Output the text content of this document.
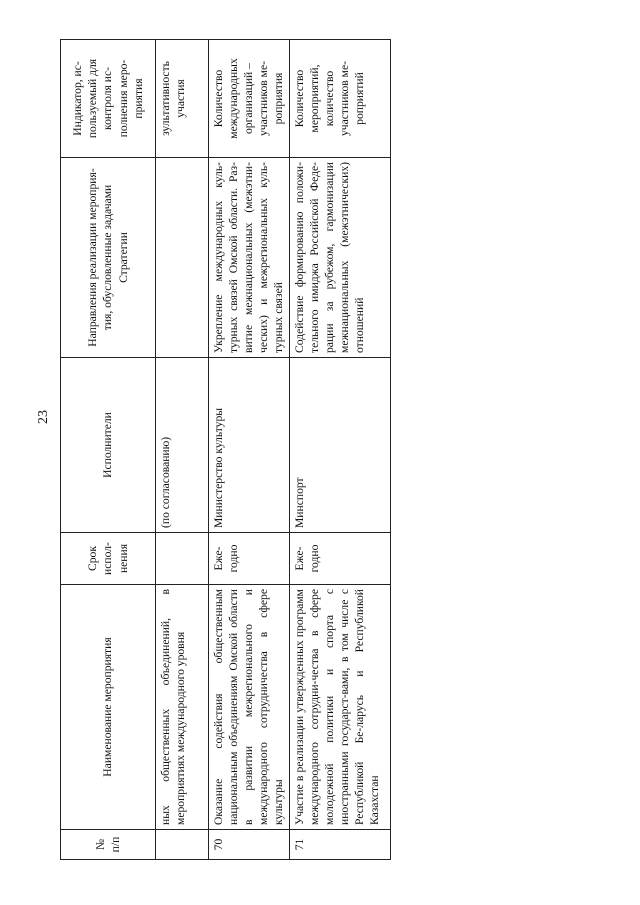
23
№ п/п	Наименование мероприятия	Срок испол-нения	Исполнители	Направления реализации мероприя-тия, обусловленные задачами Стратегии	Индикатор, ис-пользуемый для контроля ис-полнения меро-приятия
	ных общественных объединений, в мероприятиях международного уровня		(по согласованию)		зультативность участия
70	Оказание содействия общественным национальным объединениям Омской области в развитии межрегионального и международного сотрудничества в сфере культуры	Еже-годно	Министерство культуры	Укрепление международных куль-турных связей Омской области. Раз-витие межнациональных (межэтни-ческих) и межрегиональных куль-турных связей	Количество международных организаций – участников ме-роприятия
71	Участие в реализации утвержденных программ международного сотрудни-чества в сфере молодежной политики и спорта с иностранными государст-вами, в том числе с Республикой Бе-ларусь и Республикой Казахстан	Еже-годно	Минспорт	Содействие формированию положи-тельного имиджа Российской Феде-рации за рубежом, гармонизации межнациональных (межэтнических) отношений	Количество мероприятий, количество участников ме-роприятий
